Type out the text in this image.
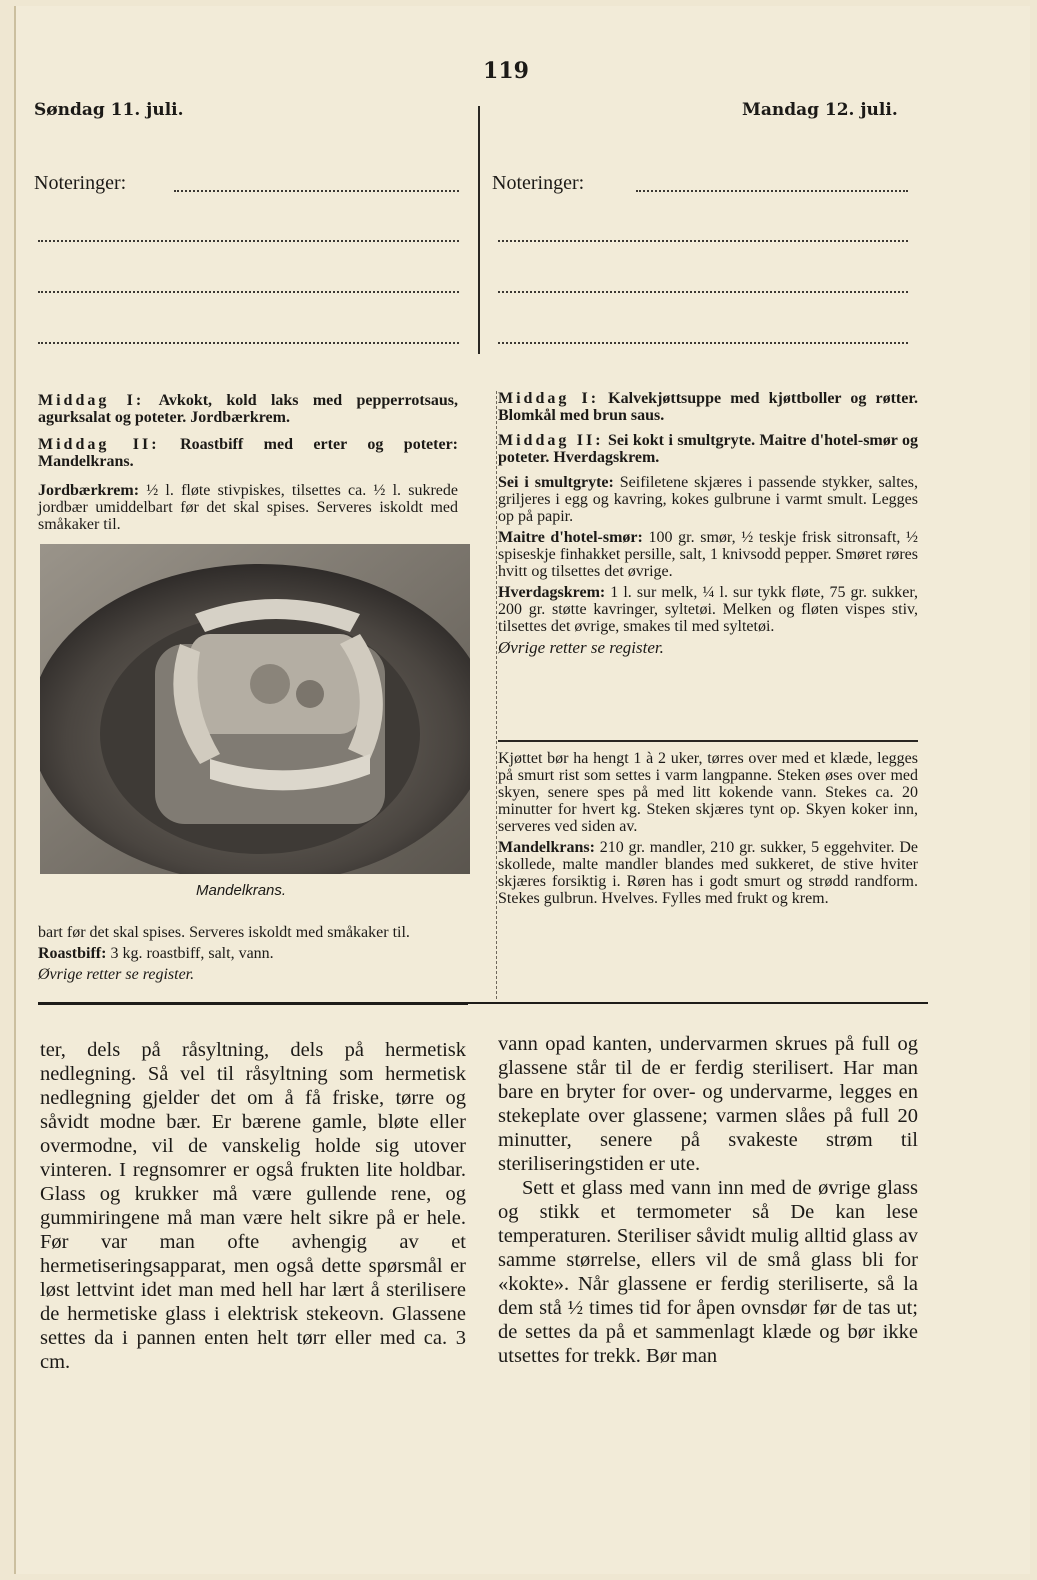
119
Søndag 11. juli.
Noteringer:
Mandag 12. juli.
Noteringer:

Middag I: Avkokt, kold laks med pepperrotsaus, agurksalat og poteter. Jordbærkrem.

Middag II: Roastbiff med erter og poteter: Mandelkrans.

Jordbærkrem: ½ l. fløte stivpiskes, tilsettes ca. ½ l. sukrede jordbær umiddelbart før det skal spises. Serveres iskoldt med småkaker til.

Mandelkrans.

bart før det skal spises. Serveres iskoldt med småkaker til.

Roastbiff: 3 kg. roastbiff, salt, vann.

Øvrige retter se register.

Middag I: Kalvekjøttsuppe med kjøttboller og røtter. Blomkål med brun saus.

Middag II: Sei kokt i smultgryte. Maitre d'hotel-smør og poteter. Hverdagskrem.

Sei i smultgryte: Seifiletene skjæres i passende stykker, saltes, grilјeres i egg og kavring, kokes gulbrune i varmt smult. Legges op på papir.

Maitre d'hotel-smør: 100 gr. smør, ½ teskje frisk sitronsaft, ½ spiseskje finhakket persille, salt, 1 knivsodd pepper. Smøret røres hvitt og tilsettes det øvrige.

Hverdagskrem: 1 l. sur melk, ¼ l. sur tykk fløte, 75 gr. sukker, 200 gr. støtte kavringer, syltetøi. Melken og fløten vispes stiv, tilsettes det øvrige, smakes til med syltetøi.

Øvrige retter se register.

Kjøttet bør ha hengt 1 à 2 uker, tørres over med et klæde, legges på smurt rist som settes i varm langpanne. Steken øses over med skyen, senere spes på med litt kokende vann. Stekes ca. 20 minutter for hvert kg. Steken skjæres tynt op. Skyen koker inn, serveres ved siden av.

Mandelkrans: 210 gr. mandler, 210 gr. sukker, 5 eggehviter. De skollede, malte mandler blandes med sukkeret, de stive hviter skjæres forsiktig i. Røren has i godt smurt og strødd randform. Stekes gulbrun. Hvelves. Fylles med frukt og krem.

ter, dels på råsyltning, dels på hermetisk nedlegning. Så vel til råsyltning som hermetisk nedlegning gjelder det om å få friske, tørre og såvidt modne bær. Er bærene gamle, bløte eller overmodne, vil de vanskelig holde sig utover vinteren. I regnsomrer er også frukten lite holdbar. Glass og krukker må være gullende rene, og gummiringene må man være helt sikre på er hele. Før var man ofte avhengig av et hermetiseringsapparat, men også dette spørsmål er løst lettvint idet man med hell har lært å sterilisere de hermetiske glass i elektrisk stekeovn. Glassene settes da i pannen enten helt tørr eller med ca. 3 cm.

vann opad kanten, undervarmen skrues på full og glassene står til de er ferdig sterilisert. Har man bare en bryter for over- og undervarme, legges en stekeplate over glassene; varmen slåes på full 20 minutter, senere på svakeste strøm til steriliseringstiden er ute.

Sett et glass med vann inn med de øvrige glass og stikk et termometer så De kan lese temperaturen. Steriliser såvidt mulig alltid glass av samme størrelse, ellers vil de små glass bli for «kokte». Når glassene er ferdig steriliserte, så la dem stå ½ times tid for åpen ovnsdør før de tas ut; de settes da på et sammenlagt klæde og bør ikke utsettes for trekk. Bør man
